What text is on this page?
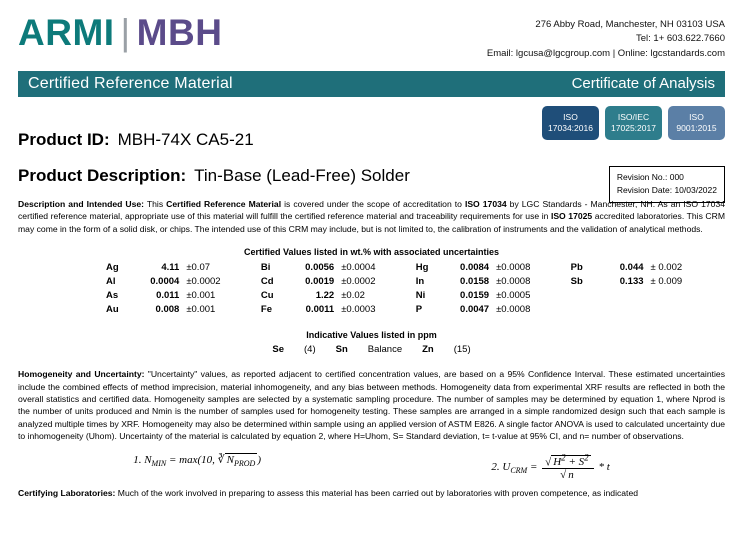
ARMI | MBH	276 Abby Road, Manchester, NH 03103 USA
Tel: 1+ 603.622.7660
Email: lgcusa@lgcgroup.com | Online: lgcstandards.com
Certified Reference Material	Certificate of Analysis
ISO
17034:2016
ISO/IEC
17025:2017
ISO
9001:2015
Product ID: MBH-74X CA5-21
Product Description: Tin-Base (Lead-Free) Solder	Revision No.: 000
Revision Date: 10/03/2022
Description and Intended Use: This Certified Reference Material is covered under the scope of accreditation to ISO 17034 by LGC Standards - Manchester, NH. As an ISO 17034 certified reference material, appropriate use of this material will fulfill the certified reference material and traceability requirements for use in ISO 17025 accredited laboratories. This CRM may come in the form of a solid disk, or chips. The intended use of this CRM may include, but is not limited to, the calibration of instruments and the validation of analytical methods.
Certified Values listed in wt.% with associated uncertainties
Ag	4.11	±0.07	Bi	0.0056	±0.0004	Hg	0.0084	±0.0008	Pb	0.044	± 0.002
Al	0.0004	±0.0002	Cd	0.0019	±0.0002	In	0.0158	±0.0008	Sb	0.133	± 0.009
As	0.011	±0.001	Cu	1.22	±0.02	Ni	0.0159	±0.0005			
Au	0.008	±0.001	Fe	0.0011	±0.0003	P	0.0047	±0.0008			
Indicative Values listed in ppm
Se	(4)	Sn	Balance	Zn	(15)
Homogeneity and Uncertainty: "Uncertainty" values, as reported adjacent to certified concentration values, are based on a 95% Confidence Interval. These estimated uncertainties include the combined effects of method imprecision, material inhomogeneity, and any bias between methods. Homogeneity data from experimental XRF results are reflected in both the overall statistics and certified data. Homogeneity samples are selected by a systematic sampling procedure. The number of samples may be determined by equation 1, where Nprod is the number of units produced and Nmin is the number of samples used for homogeneity testing. These samples are arranged in a simple randomized design such that each sample is analyzed multiple times by XRF. Homogeneity may also be determined within sample using an applied version of ASTM E826. A single factor ANOVA is used to calculated uncertainty due to inhomogeneity (Uhom). Uncertainty of the material is calculated by equation 2, where H=Uhom, S= Standard deviation, t= t-value at 95% CI, and n= number of observations.
1. $N_{MIN} = \max(10$, ∛ $N_{PROD}$ )
2. $U_{CRM} = \frac{√ H^2 + S^2}{√ n} * t$
Certifying Laboratories: Much of the work involved in preparing to assess this material has been carried out by laboratories with proven competence, as indicated
